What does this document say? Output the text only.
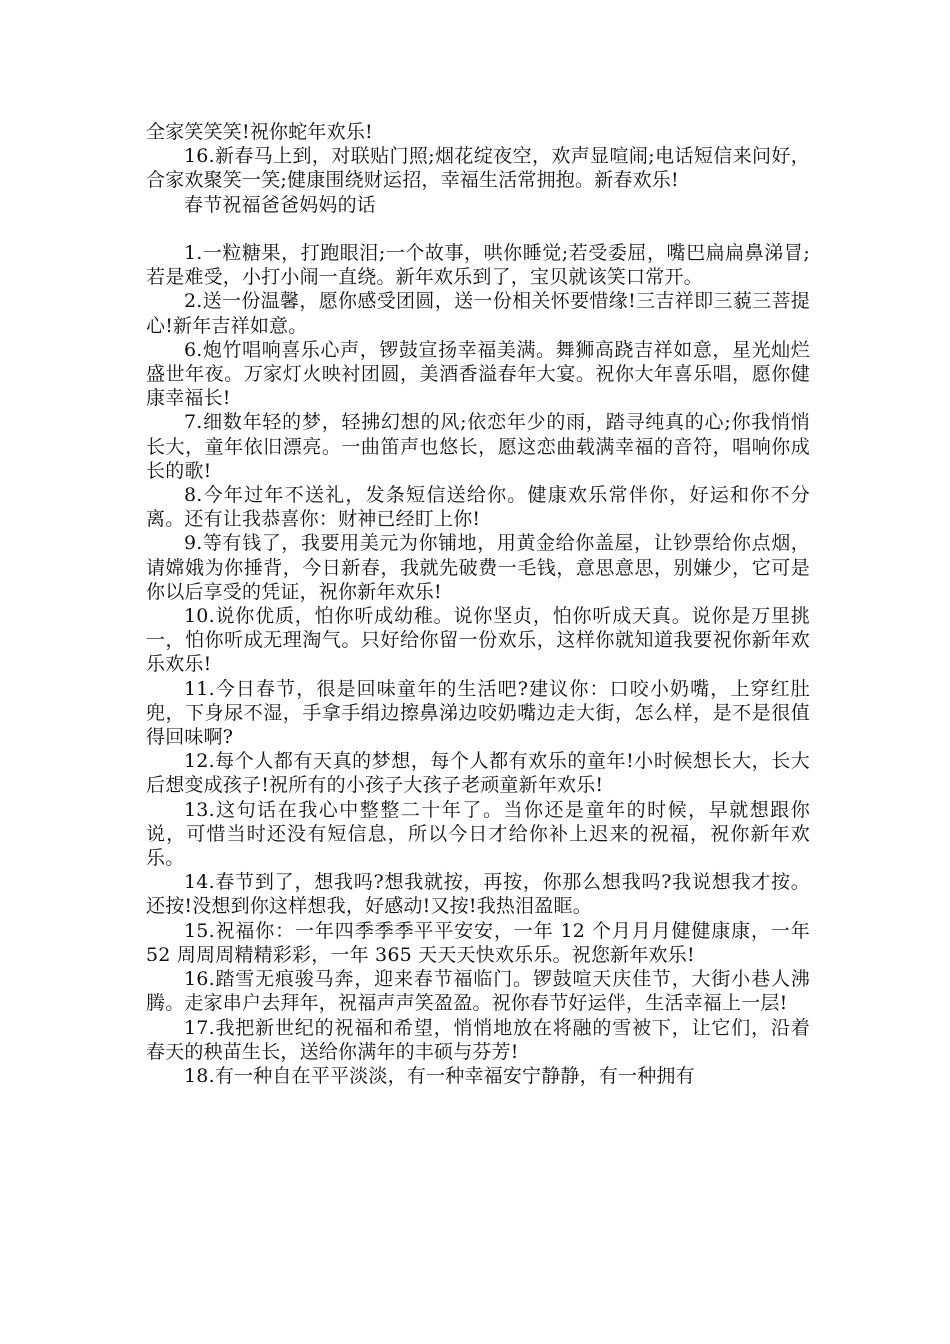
全家笑笑笑!祝你蛇年欢乐!

16.新春马上到，对联贴门照;烟花绽夜空，欢声显喧闹;电话短信来问好，合家欢聚笑一笑;健康围绕财运招，幸福生活常拥抱。新春欢乐!

春节祝福爸爸妈妈的话

1.一粒糖果，打跑眼泪;一个故事，哄你睡觉;若受委屈，嘴巴扁扁鼻涕冒;若是难受，小打小闹一直绕。新年欢乐到了，宝贝就该笑口常开。

2.送一份温馨，愿你感受团圆，送一份相关怀要惜缘!三吉祥即三藐三菩提心!新年吉祥如意。

6.炮竹唱响喜乐心声，锣鼓宣扬幸福美满。舞狮高跷吉祥如意，星光灿烂盛世年夜。万家灯火映衬团圆，美酒香溢春年大宴。祝你大年喜乐唱，愿你健康幸福长!

7.细数年轻的梦，轻拂幻想的风;依恋年少的雨，踏寻纯真的心;你我悄悄长大，童年依旧漂亮。一曲笛声也悠长，愿这恋曲载满幸福的音符，唱响你成长的歌!

8.今年过年不送礼，发条短信送给你。健康欢乐常伴你，好运和你不分离。还有让我恭喜你：财神已经盯上你!

9.等有钱了，我要用美元为你铺地，用黄金给你盖屋，让钞票给你点烟，请嫦娥为你捶背，今日新春，我就先破费一毛钱，意思意思，别嫌少，它可是你以后享受的凭证，祝你新年欢乐!

10.说你优质，怕你听成幼稚。说你坚贞，怕你听成天真。说你是万里挑一，怕你听成无理淘气。只好给你留一份欢乐，这样你就知道我要祝你新年欢乐欢乐!

11.今日春节，很是回味童年的生活吧?建议你：口咬小奶嘴，上穿红肚兜，下身尿不湿，手拿手绢边擦鼻涕边咬奶嘴边走大街，怎么样，是不是很值得回味啊?

12.每个人都有天真的梦想，每个人都有欢乐的童年!小时候想长大，长大后想变成孩子!祝所有的小孩子大孩子老顽童新年欢乐!

13.这句话在我心中整整二十年了。当你还是童年的时候，早就想跟你说，可惜当时还没有短信息，所以今日才给你补上迟来的祝福，祝你新年欢乐。

14.春节到了，想我吗?想我就按，再按，你那么想我吗?我说想我才按。还按!没想到你这样想我，好感动!又按!我热泪盈眶。

15.祝福你：一年四季季季平平安安，一年 12 个月月月健健康康，一年 52 周周周精精彩彩，一年 365 天天天快欢乐乐。祝您新年欢乐!

16.踏雪无痕骏马奔，迎来春节福临门。锣鼓喧天庆佳节，大街小巷人沸腾。走家串户去拜年，祝福声声笑盈盈。祝你春节好运伴，生活幸福上一层!

17.我把新世纪的祝福和希望，悄悄地放在将融的雪被下，让它们，沿着春天的秧苗生长，送给你满年的丰硕与芬芳!

18.有一种自在平平淡淡，有一种幸福安宁静静，有一种拥有
